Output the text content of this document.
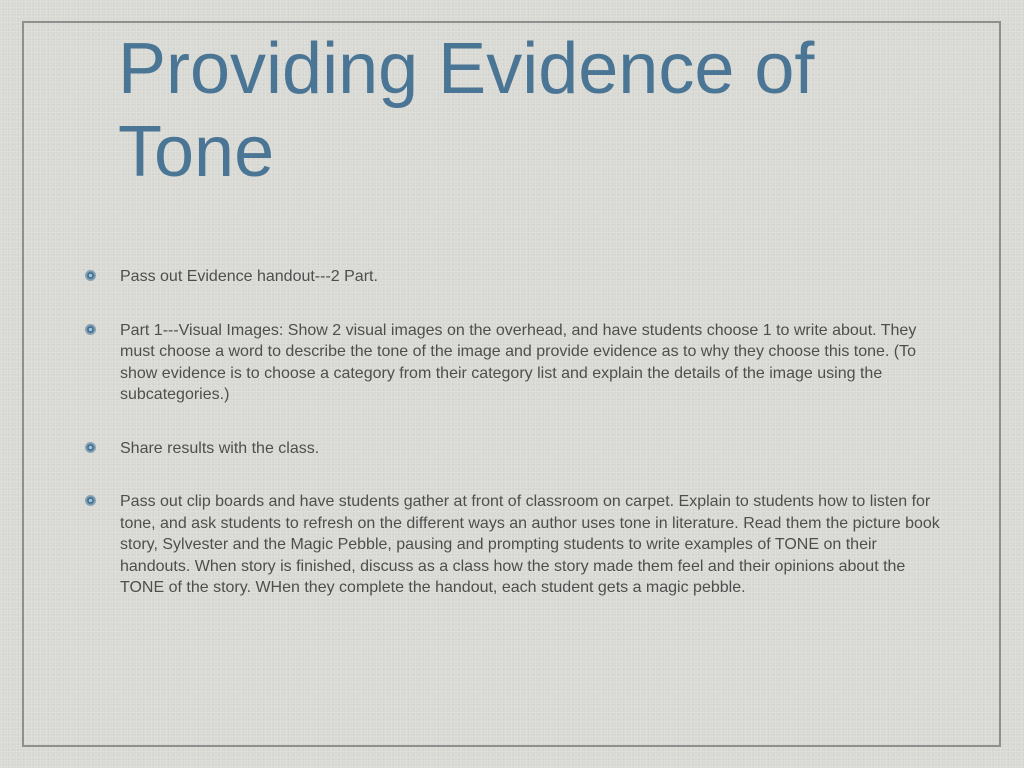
Providing Evidence of Tone
Pass out Evidence handout---2 Part.
Part 1---Visual Images: Show 2 visual images on the overhead, and have students choose 1 to write about. They must choose a word to describe the tone of the image and provide evidence as to why they choose this tone. (To show evidence is to choose a category from their category list and explain the details of the image using the subcategories.)
Share results with the class.
Pass out clip boards and have students gather at front of classroom on carpet. Explain to students how to listen for tone, and ask students to refresh on the different ways an author uses tone in literature. Read them the picture book story, Sylvester and the Magic Pebble, pausing and prompting students to write examples of TONE on their handouts. When story is finished, discuss as a class how the story made them feel and their opinions about the TONE of the story. WHen they complete the handout, each student gets a magic pebble.
